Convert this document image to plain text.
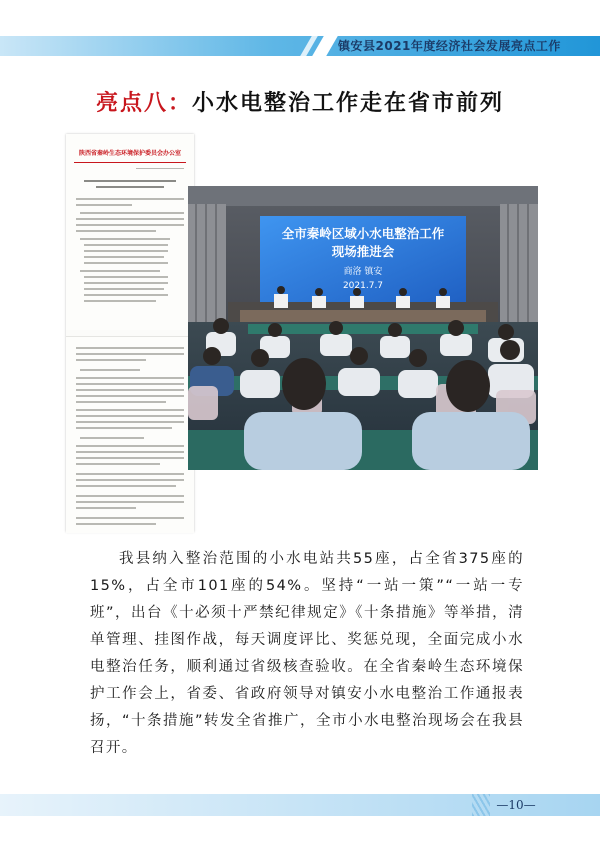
镇安县2021年度经济社会发展亮点工作
亮点八：小水电整治工作走在省市前列
陕西省秦岭生态环境保护委员会办公室
全市秦岭区域小水电整治工作
现场推进会
商洛 镇安
2021.7.7
我县纳入整治范围的小水电站共55座，占全省375座的15%，占全市101座的54%。坚持“一站一策”“一站一专班”，出台《十必须十严禁纪律规定》《十条措施》等举措，清单管理、挂图作战，每天调度评比、奖惩兑现，全面完成小水电整治任务，顺利通过省级核查验收。在全省秦岭生态环境保护工作会上，省委、省政府领导对镇安小水电整治工作通报表扬，“十条措施”转发全省推广，全市小水电整治现场会在我县召开。
—10—
